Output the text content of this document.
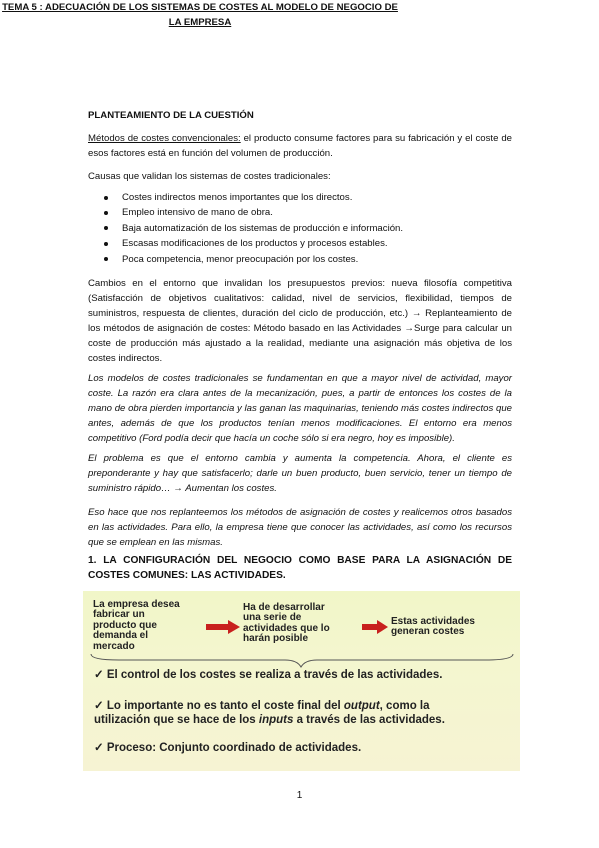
TEMA 5 : ADECUACIÓN DE LOS SISTEMAS DE COSTES AL MODELO DE NEGOCIO DE LA EMPRESA
PLANTEAMIENTO DE LA CUESTIÓN
Métodos de costes convencionales: el producto consume factores para su fabricación y el coste de esos factores está en función del volumen de producción.
Causas que validan los sistemas de costes tradicionales:
Costes indirectos menos importantes que los directos.
Empleo intensivo de mano de obra.
Baja automatización de los sistemas de producción e información.
Escasas modificaciones de los productos y procesos estables.
Poca competencia, menor preocupación por los costes.
Cambios en el entorno que invalidan los presupuestos previos: nueva filosofía competitiva (Satisfacción de objetivos cualitativos: calidad, nivel de servicios, flexibilidad, tiempos de suministros, respuesta de clientes, duración del ciclo de producción, etc.) → Replanteamiento de los métodos de asignación de costes: Método basado en las Actividades →Surge para calcular un coste de producción más ajustado a la realidad, mediante una asignación más objetiva de los costes indirectos.
Los modelos de costes tradicionales se fundamentan en que a mayor nivel de actividad, mayor coste. La razón era clara antes de la mecanización, pues, a partir de entonces los costes de la mano de obra pierden importancia y las ganan las maquinarias, teniendo más costes indirectos que antes, además de que los productos tenían menos modificaciones. El entorno era menos competitivo (Ford podía decir que hacía un coche sólo si era negro, hoy es imposible).
El problema es que el entorno cambia y aumenta la competencia. Ahora, el cliente es preponderante y hay que satisfacerlo; darle un buen producto, buen servicio, tener un tiempo de suministro rápido… → Aumentan los costes.
Eso hace que nos replanteemos los métodos de asignación de costes y realicemos otros basados en las actividades. Para ello, la empresa tiene que conocer las actividades, así como los recursos que se emplean en las mismas.
1. LA CONFIGURACIÓN DEL NEGOCIO COMO BASE PARA LA ASIGNACIÓN DE COSTES COMUNES: LAS ACTIVIDADES.
La empresa desea
fabricar un
producto que
demanda el
mercado
Ha de desarrollar
una serie de
actividades que lo
harán posible
Estas actividades
generan costes
✓ El control de los costes se realiza a través de las actividades.
✓ Lo importante no es tanto el coste final del output, como la
utilización que se hace de los inputs a través de las actividades.
✓ Proceso: Conjunto coordinado de actividades.
1
